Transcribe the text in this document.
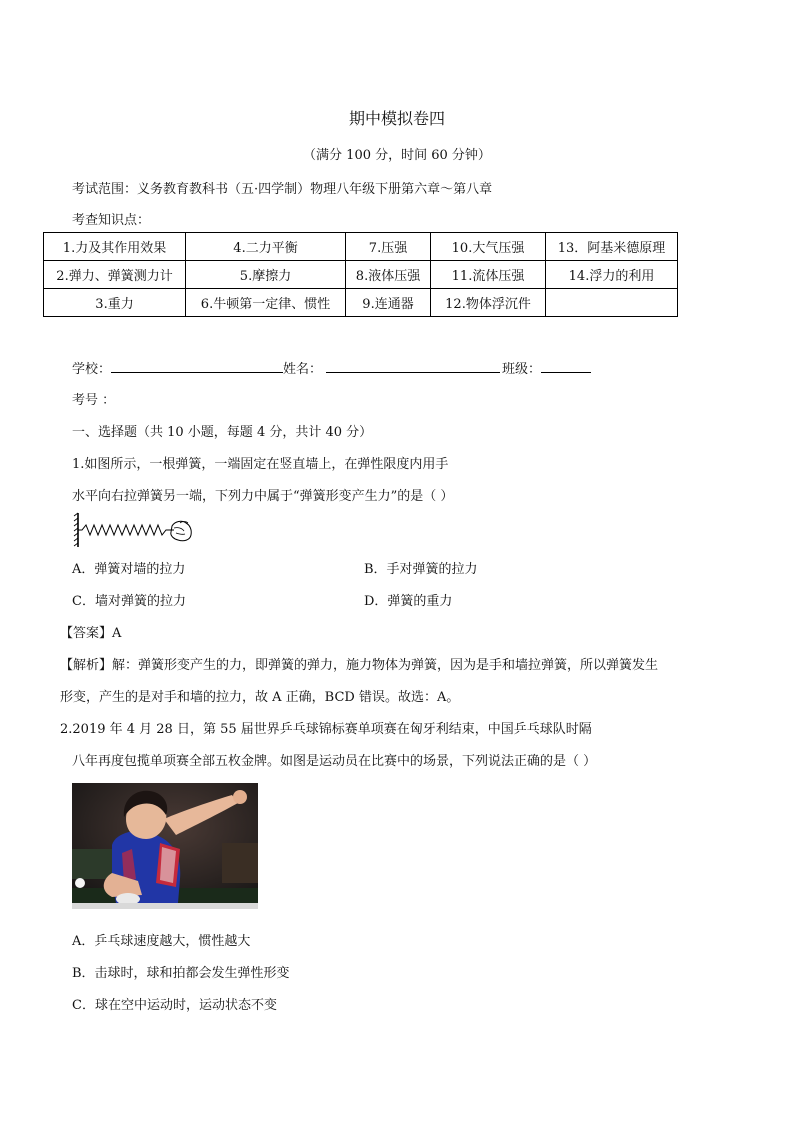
期中模拟卷四
（满分 100 分，时间 60 分钟）
考试范围：义务教育教科书（五·四学制）物理八年级下册第六章～第八章
考查知识点：
1.力及其作用效果	4.二力平衡	7.压强	10.大气压强	13．阿基米德原理
2.弹力、弹簧测力计	5.摩擦力	8.液体压强	11.流体压强	14.浮力的利用
3.重力	6.牛顿第一定律、惯性	9.连通器	12.物体浮沉件	
学校：	姓名：	班级：
考号 ：
一、选择题（共 10 小题，每题 4 分，共计 40 分）
1.如图所示，一根弹簧，一端固定在竖直墙上，在弹性限度内用手
水平向右拉弹簧另一端，下列力中属于“弹簧形变产生力”的是（ ）
A．弹簧对墙的拉力	B．手对弹簧的拉力
C．墙对弹簧的拉力	D．弹簧的重力
【答案】A
【解析】解：弹簧形变产生的力，即弹簧的弹力，施力物体为弹簧，因为是手和墙拉弹簧，所以弹簧发生
形变，产生的是对手和墙的拉力，故 A 正确，BCD 错误。故选：A。
2.2019 年 4 月 28 日，第 55 届世界乒乓球锦标赛单项赛在匈牙利结束，中国乒乓球队时隔
八年再度包揽单项赛全部五枚金牌。如图是运动员在比赛中的场景，下列说法正确的是（ ）
A．乒乓球速度越大，惯性越大
B．击球时，球和拍都会发生弹性形变
C．球在空中运动时，运动状态不变
